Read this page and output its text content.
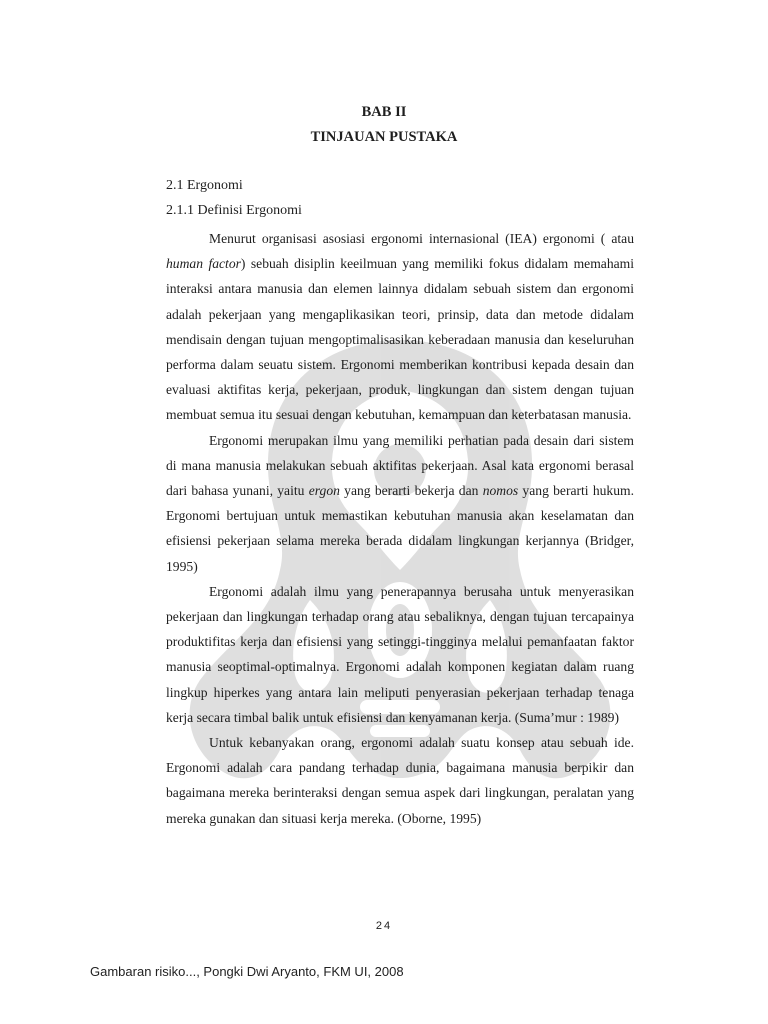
BAB II
TINJAUAN PUSTAKA
2.1 Ergonomi
2.1.1 Definisi Ergonomi

Menurut organisasi asosiasi ergonomi internasional (IEA) ergonomi ( atau human factor) sebuah disiplin keeilmuan yang memiliki fokus didalam memahami interaksi antara manusia dan elemen lainnya didalam sebuah sistem dan ergonomi adalah pekerjaan yang mengaplikasikan teori, prinsip, data dan metode didalam mendisain dengan tujuan mengoptimalisasikan keberadaan manusia dan keseluruhan performa dalam seuatu sistem. Ergonomi memberikan kontribusi kepada desain dan evaluasi aktifitas kerja, pekerjaan, produk, lingkungan dan sistem dengan tujuan membuat semua itu sesuai dengan kebutuhan, kemampuan dan keterbatasan manusia.

Ergonomi merupakan ilmu yang memiliki perhatian pada desain dari sistem di mana manusia melakukan sebuah aktifitas pekerjaan. Asal kata ergonomi berasal dari bahasa yunani, yaitu ergon yang berarti bekerja dan nomos yang berarti hukum. Ergonomi bertujuan untuk memastikan kebutuhan manusia akan keselamatan dan efisiensi pekerjaan selama mereka berada didalam lingkungan kerjannya (Bridger, 1995)

Ergonomi adalah ilmu yang penerapannya berusaha untuk menyerasikan pekerjaan dan lingkungan terhadap orang atau sebaliknya, dengan tujuan tercapainya produktifitas kerja dan efisiensi yang setinggi-tingginya melalui pemanfaatan faktor manusia seoptimal-optimalnya. Ergonomi adalah komponen kegiatan dalam ruang lingkup hiperkes yang antara lain meliputi penyerasian pekerjaan terhadap tenaga kerja secara timbal balik untuk efisiensi dan kenyamanan kerja. (Suma’mur : 1989)

Untuk kebanyakan orang, ergonomi adalah suatu konsep atau sebuah ide. Ergonomi adalah cara pandang terhadap dunia, bagaimana manusia berpikir dan bagaimana mereka berinteraksi dengan semua aspek dari lingkungan, peralatan yang mereka gunakan dan situasi kerja mereka. (Oborne, 1995)

24
Gambaran risiko..., Pongki Dwi Aryanto, FKM UI, 2008
